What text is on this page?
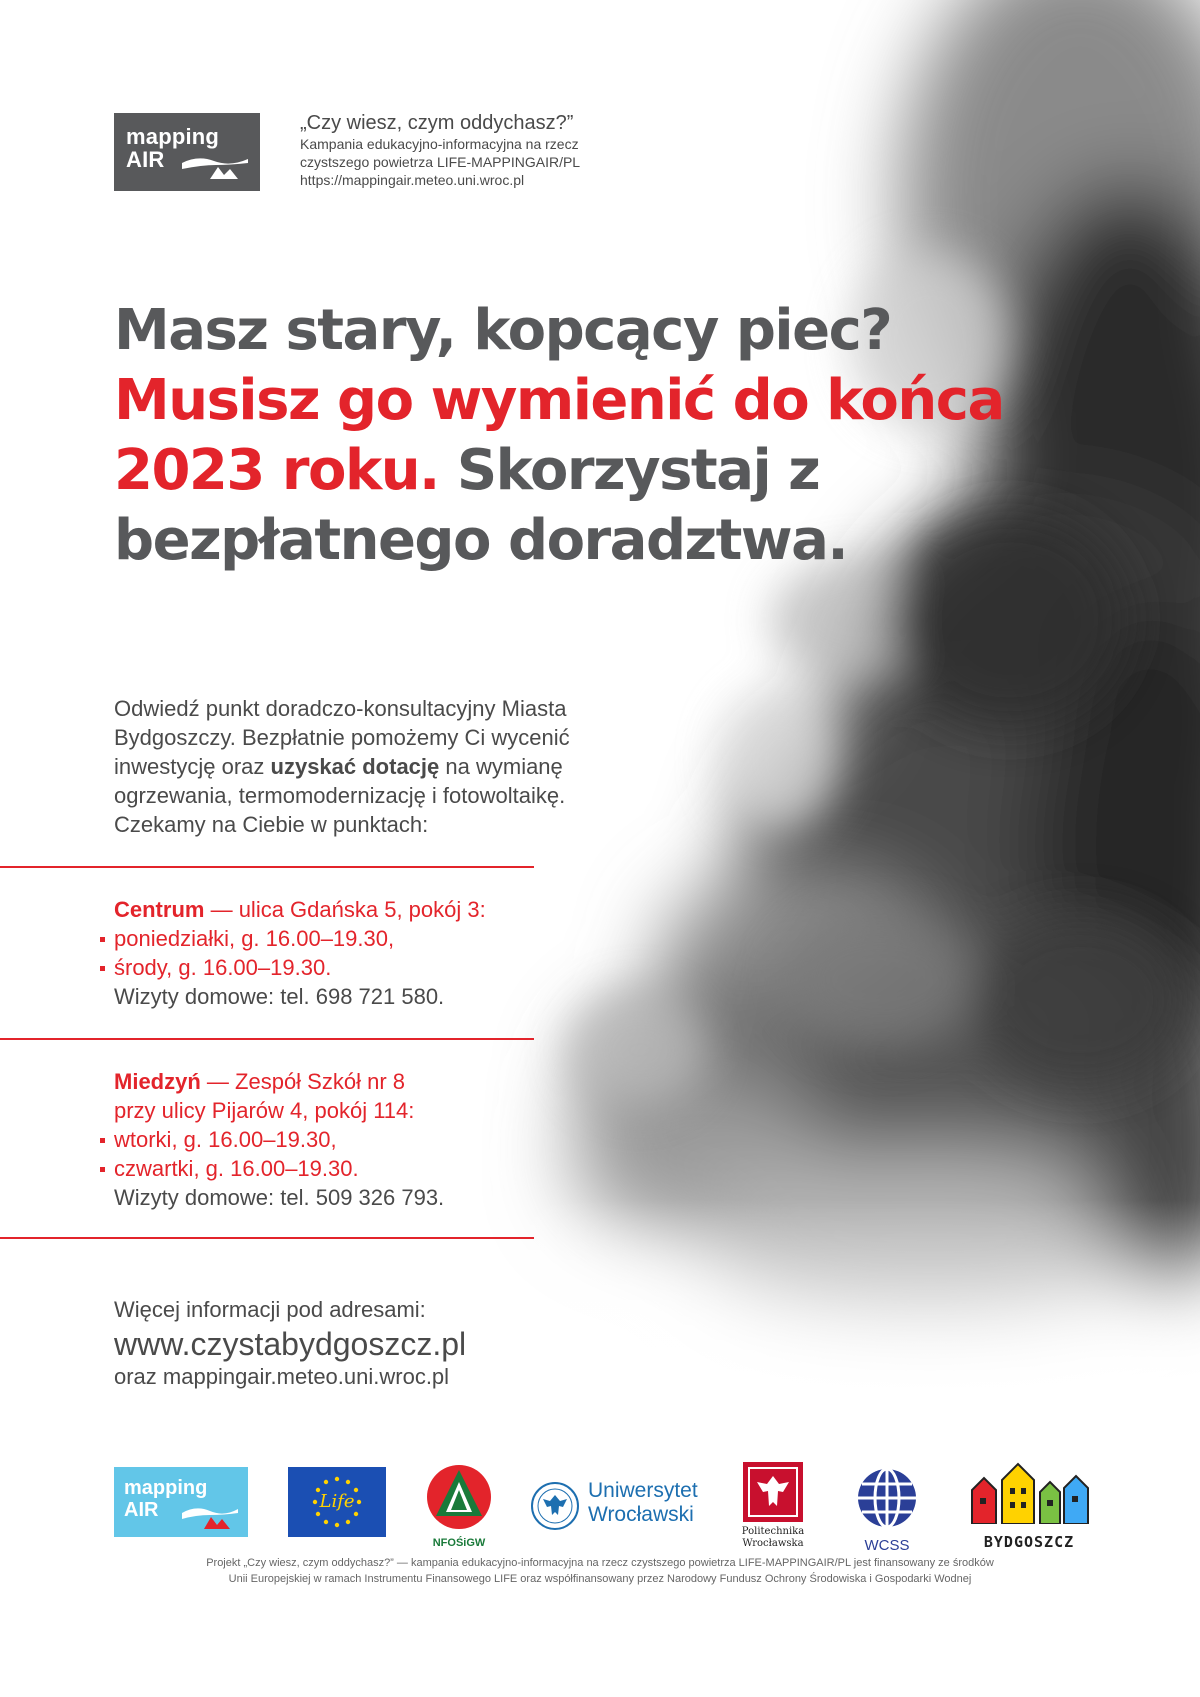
mapping
AIR
„Czy wiesz, czym oddychasz?”
Kampania edukacyjno-informacyjna na rzecz
czystszego powietrza LIFE-MAPPINGAIR/PL
https://mappingair.meteo.uni.wroc.pl
Masz stary, kopcący piec? Musisz go wymienić do końca 2023 roku. Skorzystaj z bezpłatnego doradztwa.
Odwiedź punkt doradczo-konsultacyjny Miasta Bydgoszczy. Bezpłatnie pomożemy Ci wycenić inwestycję oraz uzyskać dotację na wymianę ogrzewania, termomodernizację i fotowoltaikę. Czekamy na Ciebie w punktach:
Centrum — ulica Gdańska 5, pokój 3:
poniedziałki, g. 16.00–19.30,
środy, g. 16.00–19.30.
Wizyty domowe: tel. 698 721 580.
Miedzyń — Zespół Szkół nr 8
przy ulicy Pijarów 4, pokój 114:
wtorki, g. 16.00–19.30,
czwartki, g. 16.00–19.30.
Wizyty domowe: tel. 509 326 793.
Więcej informacji pod adresami:
www.czystabydgoszcz.pl
oraz mappingair.meteo.uni.wroc.pl
mapping
AIR	Life
NFOŚiGW
Uniwersytet
Wrocławski
Politechnika
Wrocławska	WCSS	BYDGOSZCZ
Projekt „Czy wiesz, czym oddychasz?” — kampania edukacyjno-informacyjna na rzecz czystszego powietrza LIFE-MAPPINGAIR/PL jest finansowany ze środków
Unii Europejskiej w ramach Instrumentu Finansowego LIFE oraz współfinansowany przez Narodowy Fundusz Ochrony Środowiska i Gospodarki Wodnej
